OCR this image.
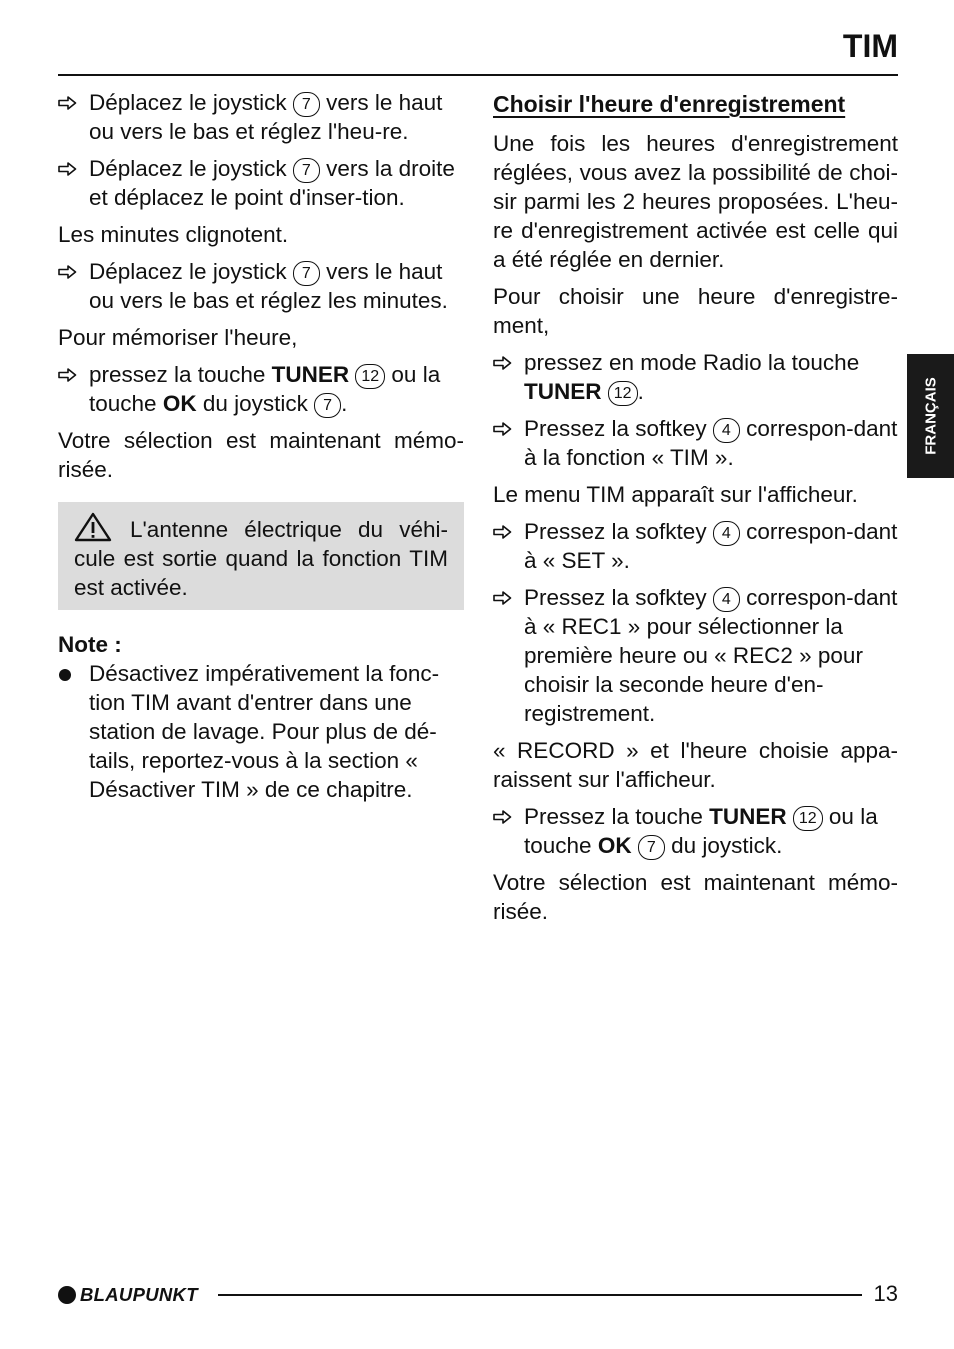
TIM
Déplacez le joystick 7 vers le haut ou vers le bas et réglez l'heu-re.
Déplacez le joystick 7 vers la droite et déplacez le point d'inser-tion.

Les minutes clignotent.

Déplacez le joystick 7 vers le haut ou vers le bas et réglez les minutes.

Pour mémoriser l'heure,

pressez la touche TUNER 12 ou la touche OK du joystick 7 .

Votre sélection est maintenant mémo-risée.

L'antenne électrique du véhi-cule est sortie quand la fonction TIM est activée.

Note :

Désactivez impérativement la fonc-tion TIM avant d'entrer dans une station de lavage. Pour plus de dé-tails, reportez-vous à la section « Désactiver TIM » de ce chapitre.
Choisir l'heure d'enregistrement

Une fois les heures d'enregistrement réglées, vous avez la possibilité de choi-sir parmi les 2 heures proposées. L'heu-re d'enregistrement activée est celle qui a été réglée en dernier.

Pour choisir une heure d'enregistre-ment,

pressez en mode Radio la touche TUNER 12 .
Pressez la softkey 4 correspon-dant à la fonction « TIM ».

Le menu TIM apparaît sur l'afficheur.

Pressez la sofktey 4 correspon-dant à « SET ».
Pressez la sofktey 4 correspon-dant à « REC1 » pour sélectionner la première heure ou « REC2 » pour choisir la seconde heure d'en-registrement.

« RECORD » et l'heure choisie appa-raissent sur l'afficheur.

Pressez la touche TUNER 12 ou la touche OK 7 du joystick.

Votre sélection est maintenant mémo-risée.

FRANÇAIS
BLAUPUNKT	13
